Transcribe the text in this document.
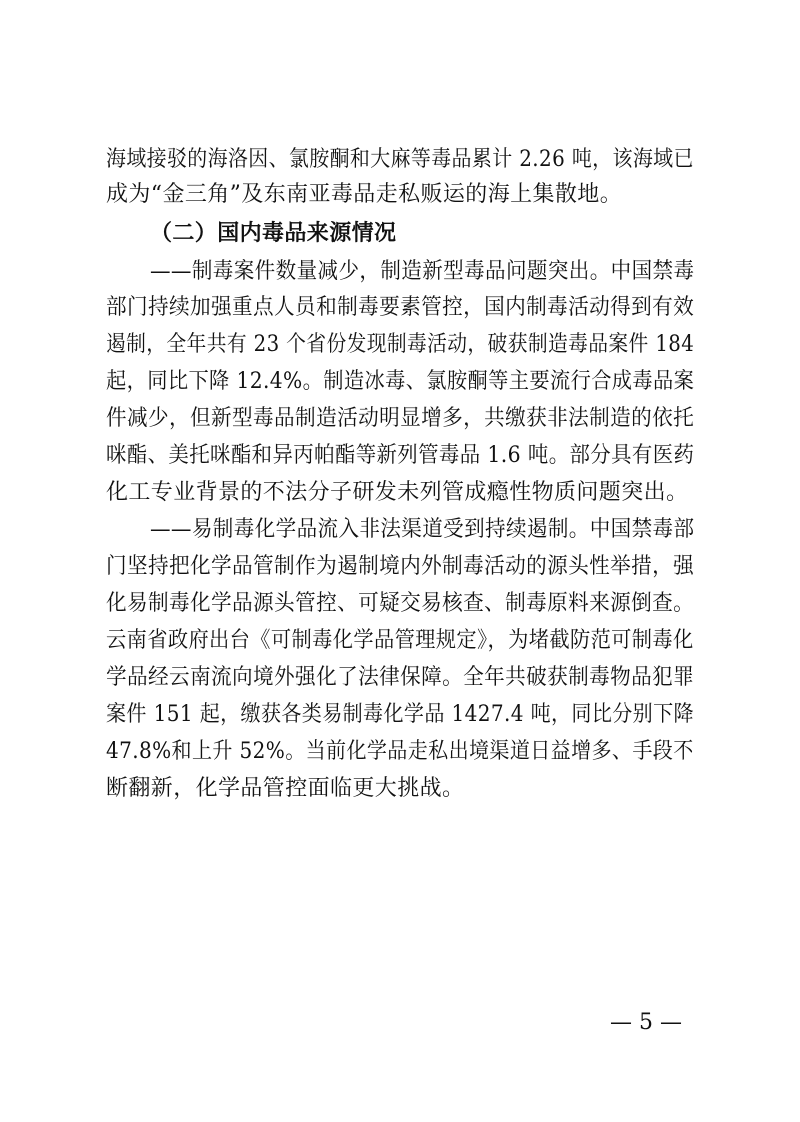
海域接驳的海洛因、氯胺酮和大麻等毒品累计 2.26 吨，该海域已
成为“金三角”及东南亚毒品走私贩运的海上集散地。
（二）国内毒品来源情况
——制毒案件数量减少，制造新型毒品问题突出。中国禁毒
部门持续加强重点人员和制毒要素管控，国内制毒活动得到有效
遏制，全年共有 23 个省份发现制毒活动，破获制造毒品案件 184
起，同比下降 12.4%。制造冰毒、氯胺酮等主要流行合成毒品案
件减少，但新型毒品制造活动明显增多，共缴获非法制造的依托
咪酯、美托咪酯和异丙帕酯等新列管毒品 1.6 吨。部分具有医药
化工专业背景的不法分子研发未列管成瘾性物质问题突出。
——易制毒化学品流入非法渠道受到持续遏制。中国禁毒部
门坚持把化学品管制作为遏制境内外制毒活动的源头性举措，强
化易制毒化学品源头管控、可疑交易核查、制毒原料来源倒查。
云南省政府出台《可制毒化学品管理规定》，为堵截防范可制毒化
学品经云南流向境外强化了法律保障。全年共破获制毒物品犯罪
案件 151 起，缴获各类易制毒化学品 1427.4 吨，同比分别下降
47.8%和上升 52%。当前化学品走私出境渠道日益增多、手段不
断翻新，化学品管控面临更大挑战。
— 5 —
